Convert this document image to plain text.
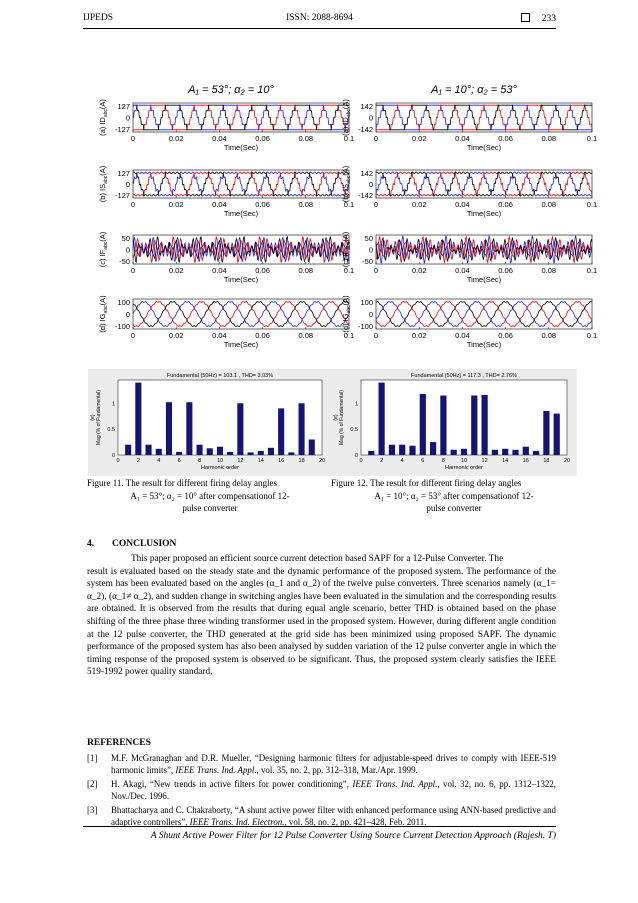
IJPEDS	ISSN: 2088-8694	233
A₁ = 53°; α₂ = 10°	A₁ = 10°; α₂ = 53°
127
0
-127
0	0.02	0.04	0.06	0.08	0.1
Time(Sec)
(a) $ID_{abc}(A)$	142
0
-142
0	0.02	0.04	0.06	0.08	0.1
Time(Sec)
(a) $ID_{abc}(A)$
127
0
-127
0	0.02	0.04	0.06	0.08	0.1
Time(Sec)
(b) $IS_{abc}(A)$	142
0
-142
0	0.02	0.04	0.06	0.08	0.1
Time(Sec)
(b) $IS_{abc}(A)$
50
0
-50
0	0.02	0.04	0.06	0.08	0.1
Time(Sec)
(c) $IF_{abc}(A)$	50
0
-50
0	0.02	0.04	0.06	0.08	0.1
Time(Sec)
(c) $IF_{abc}(A)$
100
0
-100
0	0.02	0.04	0.06	0.08	0.1
Time(Sec)
(d) $IG_{abc}(A)$	100
0
-100
0	0.02	0.04	0.06	0.08	0.1
Time(Sec)
(d) $IG_{abc}(A)$
Fundamental (50Hz) = 103.1 , THD= 3.03%
0	2	4	6	8	10	12	14	16	18	20
0
0.5
1
Harmonic order
(e) Mag (% of Fundamental)
Fundamental (50Hz) = 117.3 , THD= 2.76%
0	2	4	6	8	10	12	14	16	18	20
0
0.5
1
Harmonic order
(e) Mag (% of Fundamental)
Figure 11. The result for different firing delay angles
A₁ = 53°; α₂ = 10° after compensationof 12-
pulse converter
Figure 12. The result for different firing delay angles
A₁ = 10°; α₂ = 53° after compensationof 12-
pulse converter
4. CONCLUSION
This paper proposed an efficient source current detection based SAPF for a 12-Pulse Converter. The
result is evaluated based on the steady state and the dynamic performance of the proposed system. The performance of the system has been evaluated based on the angles (α_1 and α_2) of the twelve pulse converters. Three scenarios namely (α_1= α_2), (α_1≠ α_2), and sudden change in switching angles have been evaluated in the simulation and the corresponding results are obtained. It is observed from the results that during equal angle scenario, better THD is obtained based on the phase shifting of the three phase three winding transformer used in the proposed system. However, during different angle condition at the 12 pulse converter, the THD generated at the grid side has been minimized using proposed SAPF. The dynamic performance of the proposed system has also been analysed by sudden variation of the 12 pulse converter angle in which the timing response of the proposed system is observed to be significant. Thus, the proposed system clearly satisfies the IEEE 519-1992 power quality standard.
REFERENCES
[1] M.F. McGranaghan and D.R. Mueller, “Designing harmonic filters for adjustable-speed drives to comply with IEEE-519 harmonic limits”, IEEE Trans. Ind. Appl., vol. 35, no. 2, pp. 312–318, Mar./Apr. 1999.
[2] H. Akagi, “New trends in active filters for power conditioning”, IEEE Trans. Ind. Appl., vol. 32, no. 6, pp. 1312–1322, Nov./Dec. 1996.
[3] Bhattacharya and C. Chakraborty, “A shunt active power filter with enhanced performance using ANN-based predictive and adaptive controllers”, IEEE Trans. Ind. Electron., vol. 58, no. 2, pp. 421–428, Feb. 2011.
A Shunt Active Power Filter for 12 Pulse Converter Using Source Current Detection Approach (Rajesh. T)
